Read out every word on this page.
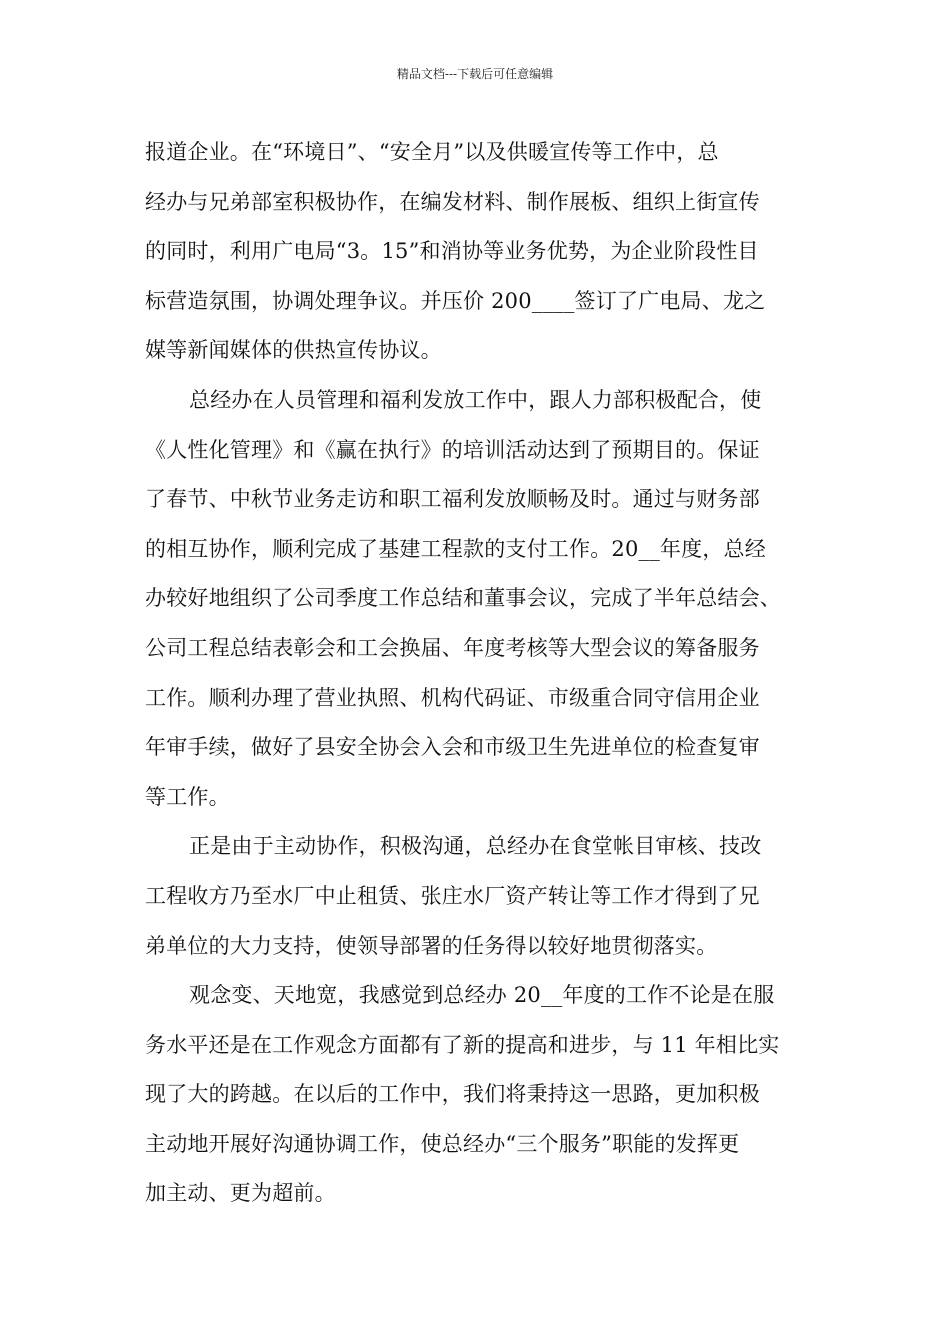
精品文档---下载后可任意编辑
报道企业。在“环境日”、“安全月”以及供暖宣传等工作中，总
经办与兄弟部室积极协作，在编发材料、制作展板、组织上街宣传
的同时，利用广电局“3。15”和消协等业务优势，为企业阶段性目
标营造氛围，协调处理争议。并压价 200____签订了广电局、龙之
媒等新闻媒体的供热宣传协议。
总经办在人员管理和福利发放工作中，跟人力部积极配合，使
《人性化管理》和《赢在执行》的培训活动达到了预期目的。保证
了春节、中秋节业务走访和职工福利发放顺畅及时。通过与财务部
的相互协作，顺利完成了基建工程款的支付工作。20__年度，总经
办较好地组织了公司季度工作总结和董事会议，完成了半年总结会、
公司工程总结表彰会和工会换届、年度考核等大型会议的筹备服务
工作。顺利办理了营业执照、机构代码证、市级重合同守信用企业
年审手续，做好了县安全协会入会和市级卫生先进单位的检查复审
等工作。
正是由于主动协作，积极沟通，总经办在食堂帐目审核、技改
工程收方乃至水厂中止租赁、张庄水厂资产转让等工作才得到了兄
弟单位的大力支持，使领导部署的任务得以较好地贯彻落实。
观念变、天地宽，我感觉到总经办 20__年度的工作不论是在服
务水平还是在工作观念方面都有了新的提高和进步，与 11 年相比实
现了大的跨越。在以后的工作中，我们将秉持这一思路，更加积极
主动地开展好沟通协调工作，使总经办“三个服务”职能的发挥更
加主动、更为超前。
